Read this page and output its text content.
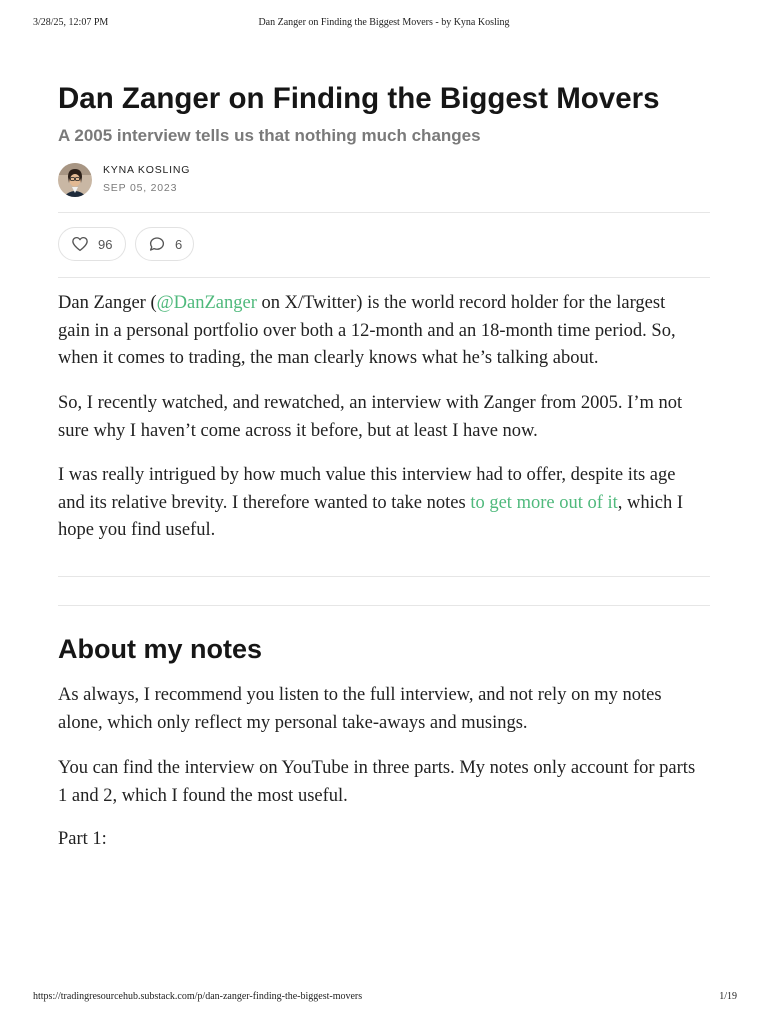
3/28/25, 12:07 PM	Dan Zanger on Finding the Biggest Movers - by Kyna Kosling
Dan Zanger on Finding the Biggest Movers
A 2005 interview tells us that nothing much changes
KYNA KOSLING
SEP 05, 2023
96	6

Dan Zanger (@DanZanger on X/Twitter) is the world record holder for the largest
gain in a personal portfolio over both a 12-month and an 18-month time period. So,
when it comes to trading, the man clearly knows what he’s talking about.

So, I recently watched, and rewatched, an interview with Zanger from 2005. I’m not
sure why I haven’t come across it before, but at least I have now.

I was really intrigued by how much value this interview had to offer, despite its age
and its relative brevity. I therefore wanted to take notes to get more out of it, which I
hope you find useful.

About my notes

As always, I recommend you listen to the full interview, and not rely on my notes
alone, which only reflect my personal take-aways and musings.

You can find the interview on YouTube in three parts. My notes only account for parts
1 and 2, which I found the most useful.

Part 1:

https://tradingresourcehub.substack.com/p/dan-zanger-finding-the-biggest-movers	1/19
